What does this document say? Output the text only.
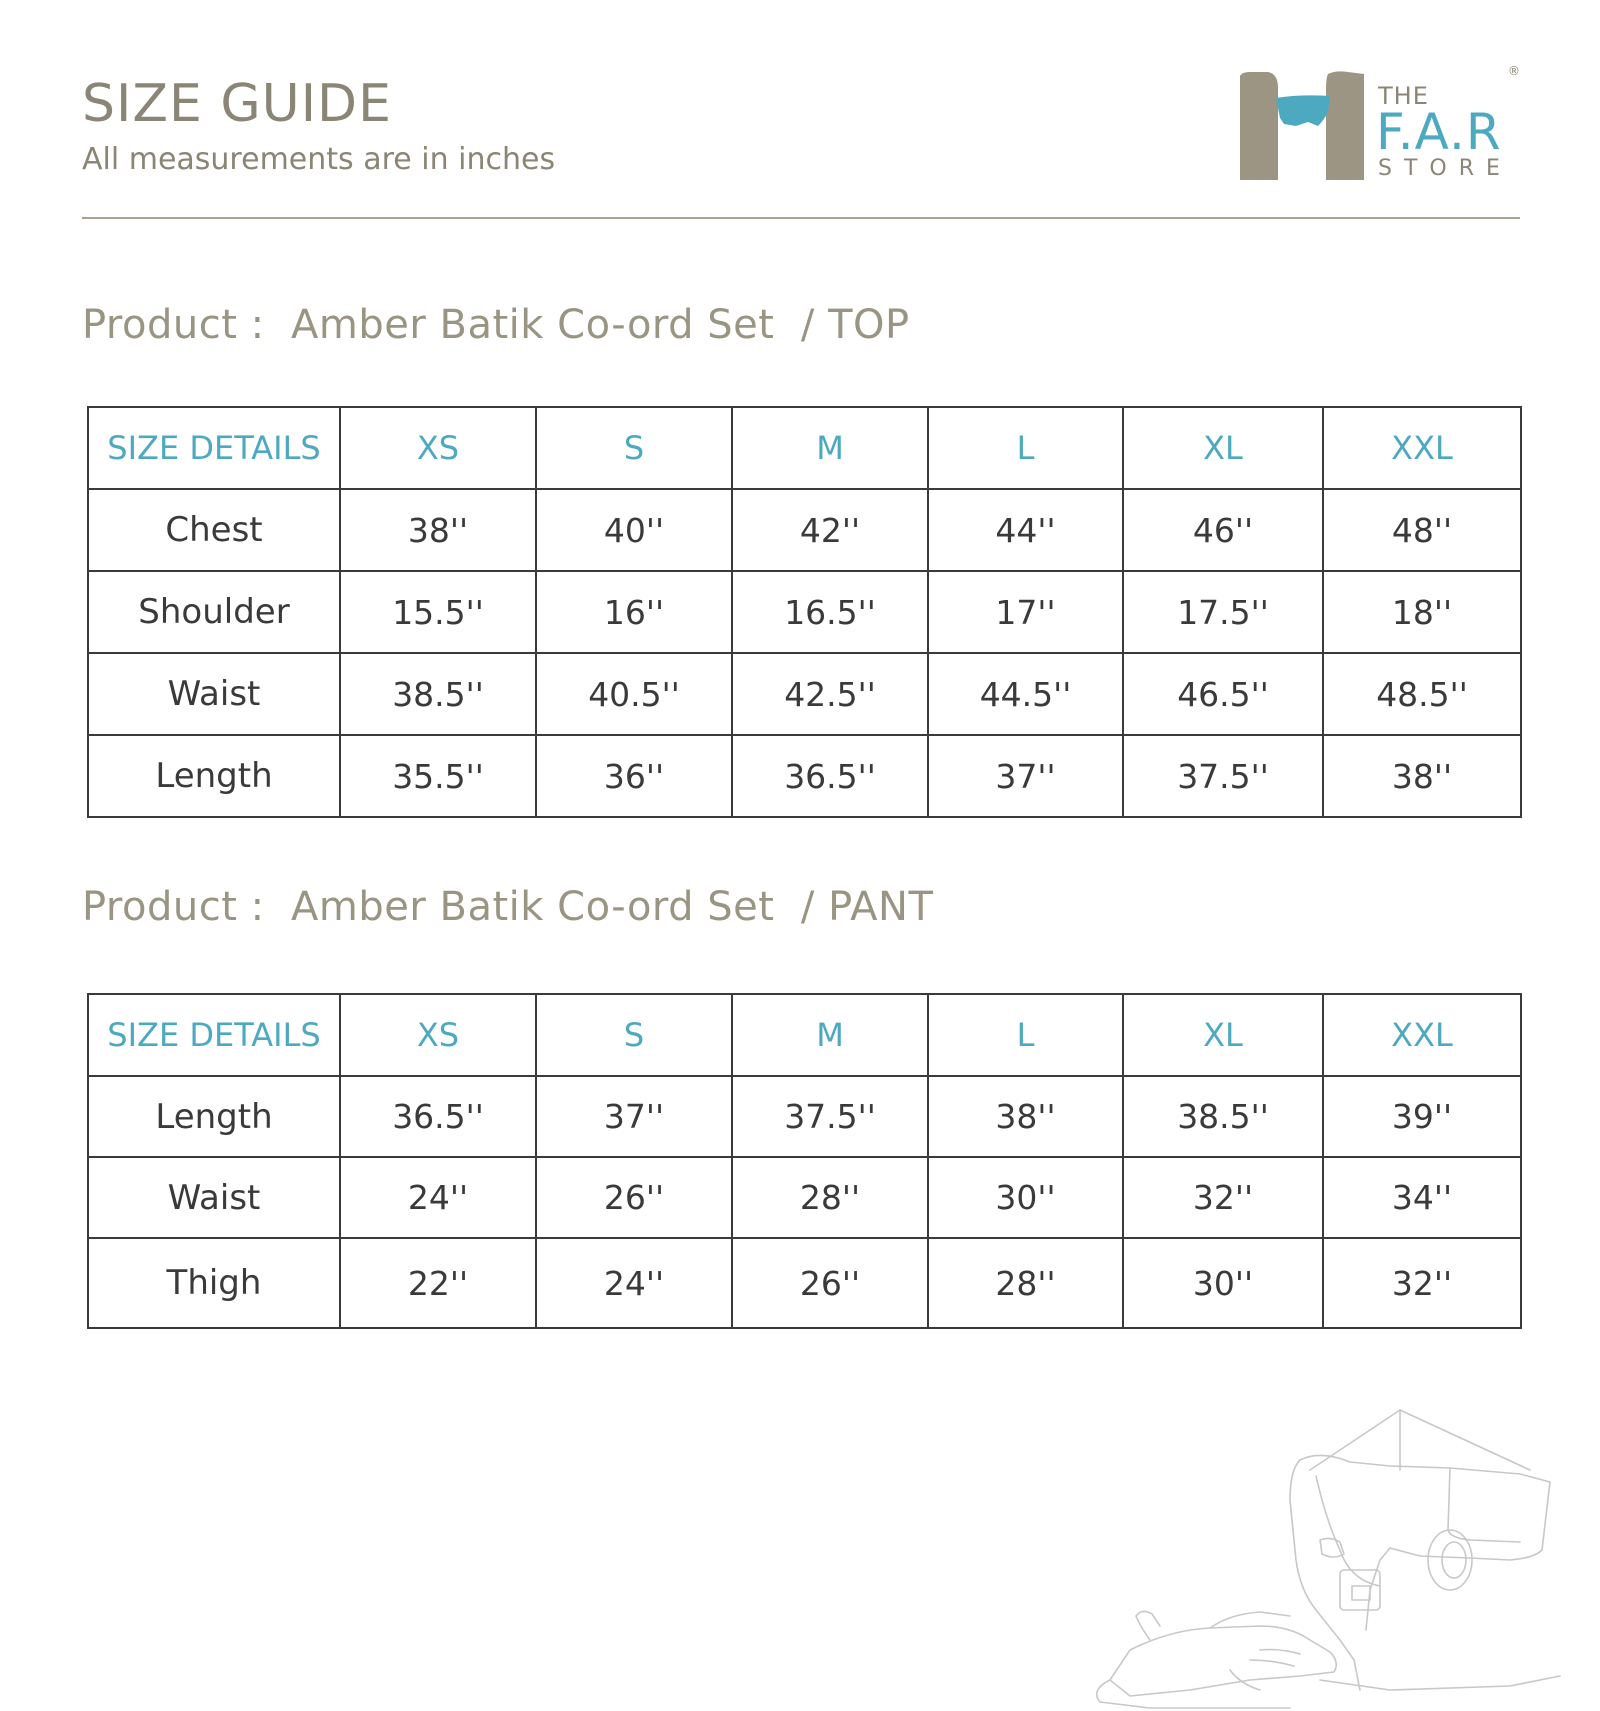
SIZE GUIDE
All measurements are in inches
®
THE
F.A.R
STORE
Product : Amber Batik Co-ord Set / TOP
SIZE DETAILS	XS	S	M	L	XL	XXL
Chest	38''	40''	42''	44''	46''	48''
Shoulder	15.5''	16''	16.5''	17''	17.5''	18''
Waist	38.5''	40.5''	42.5''	44.5''	46.5''	48.5''
Length	35.5''	36''	36.5''	37''	37.5''	38''
Product : Amber Batik Co-ord Set / PANT
SIZE DETAILS	XS	S	M	L	XL	XXL
Length	36.5''	37''	37.5''	38''	38.5''	39''
Waist	24''	26''	28''	30''	32''	34''
Thigh	22''	24''	26''	28''	30''	32''
